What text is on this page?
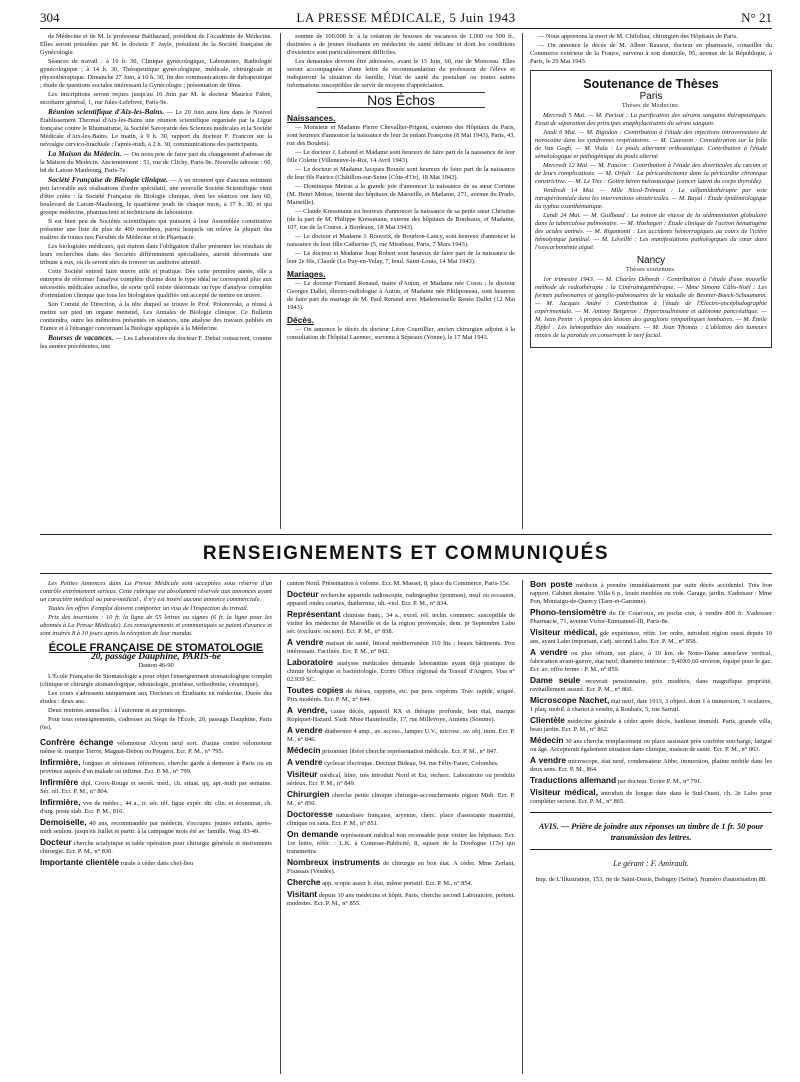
304	LA PRESSE MÉDICALE, 5 Juin 1943	N° 21

de Médecine et de M. le professeur Balthazard, président de l'Académie de Médecine. Elles seront présidées par M. le docteur F. Jayle, président de la Société française de Gynécologie.

Séances de travail : à 10 h. 30, Clinique gynécologique, Laboratoire, Radiologie gynécologique ; à 14 h. 30, Thérapeutique gynécologique, médicale, chirurgicale et physiothérapique. Dimanche 27 Juin, à 10 h. 30, fin des communications de thérapeutique ; étude de questions sociales intéressant la Gynécologie ; présentation de films.

Les inscriptions seront reçues jusqu'au 10 Juin par M. le docteur Maurice Fabre, secrétaire général, 1, rue Jules-Lefebvre, Paris-9e.

Réunion scientifique d'Aix-les-Bains. — Le 20 Juin aura lieu dans le Nouvel Établissement Thermal d'Aix-les-Bains une réunion scientifique organisée par la Ligue française contre le Rhumatisme, la Société Savoyarde des Sciences médicales et la Société Médicale d'Aix-les-Bains. Le matin, à 9 h. 30, rapport du docteur F. Francon sur la névralgie cervico-brachiale ; l'après-midi, à 2 h. 30, communications des participants.

La Maison du Médecin. — On nous prie de faire part du changement d'adresse de la Maison du Médecin. Anciennement : 51, rue de Clichy, Paris-9e. Nouvelle adresse : 60, bd de Latour-Maubourg, Paris-7e.

Société Française de Biologie clinique. — A un moment que d'aucuns estiment peu favorable aux réalisations d'ordre spéculatif, une nouvelle Société Scientifique vient d'être créée : la Société Française de Biologie clinique, dont les séances ont lieu 60, boulevard de Latour-Maubourg, le quatrième jeudi de chaque mois, à 17 h. 30, et qui groupe médecins, pharmaciens et techniciens de laboratoire.

Il est bien peu de Sociétés scientifiques qui puissent à leur Assemblée constitutive présenter une liste de plus de 400 membres, parmi lesquels on relève la plupart des maîtres de toutes nos Facultés de Médecine et de Pharmacie.

Les biologistes médicaux, qui étaient dans l'obligation d'aller présenter les résultats de leurs recherches dans des Sociétés différemment spécialisées, auront désormais une tribune à eux, où ils seront sûrs de trouver un auditoire attentif.

Cette Société entend faire œuvre utile et pratique. Dès cette première année, elle a entrepris de réformer l'analyse complète d'urine dont le type idéal ne correspond plus aux nécessités médicales actuelles, de sorte qu'il existe désormais un type d'analyse complète d'orientation clinique que tous les biologistes qualifiés ont accepté de mettre en œuvre.

Son Comité de Direction, à la tête duquel se trouve le Prof. Polonovski, a réussi à mettre sur pied un organe mensuel, Les Annales de Biologie clinique. Ce Bulletin contiendra, outre les mémoires présentés en séances, une analyse des travaux publiés en France et à l'étranger concernant la Biologie appliquée à la Médecine.

Bourses de vacances. — Les Laboratoires du docteur F. Debat consacrent, comme les années précédentes, une

somme de 100.000 fr. à la création de bourses de vacances de 1.000 ou 500 fr., destinées à de jeunes étudiants en médecine de santé délicate et dont les conditions d'existence sont particulièrement difficiles.

Les demandes devront être adressées, avant le 15 Juin, 60, rue de Monceau. Elles seront accompagnées d'une lettre de recommandation du professeur de l'élève et indiqueront la situation de famille, l'état de santé du postulant ou toutes autres informations susceptibles de servir de moyens d'appréciation.

Nos Échos
Naissances.

— Monsieur et Madame Pierre Chevallier-Prigent, externes des Hôpitaux de Paris, sont heureux d'annoncer la naissance de leur 2e enfant Françoise (8 Mai 1943), Paris, 43, rue des Boulets).

— Le docteur J. Lebond et Madame sont heureux de faire part de la naissance de leur fille Colette (Villeneuve-le-Roi, 14 Avril 1943).

— Le docteur et Madame Jacques Bourée sont heureux de faire part de la naissance de leur fils Patrice (Châtillon-sur-Seine [Côte-d'Or], 18 Mai 1943).

— Dominique Metras a la grande joie d'annoncer la naissance de sa sœur Corinne (M. Henri Metras, interne des hôpitaux de Marseille, et Madame, 271, avenue du Prado, Marseille).

— Claude Kressmann est heureux d'annoncer la naissance de sa petite sœur Christine (de la part de M. Philippe Kressmann, externe des hôpitaux de Bordeaux, et Madame, 107, rue de la Course, à Bordeaux, 18 Mai 1943).

— Le docteur et Madame J. Rouveix, de Bourbon-Lancy, sont heureux d'annoncer la naissance de leur fille Catherine (5, rue Mirabeau, Paris, 7 Mars 1943).

— Le docteur et Madame Jean Robert sont heureux de faire part de la naissance de leur 2e fils, Claude (Le Puy-en-Velay, 7, boul. Saint-Louis, 14 Mai 1943).

Mariages.

— Le docteur Fernand Renaud, maire d'Autun, et Madame née Cossu ; le docteur Georges Dallet, électro-radiologue à Autun, et Madame née Philiponeau, sont heureux de faire part du mariage de M. Paul Renaud avec Mademoiselle Renée Dallet (12 Mai 1943).

Décès.

— On annonce le décès du docteur Léon Courtillier, ancien chirurgien adjoint à la consultation de l'hôpital Laennec, survenu à Sépeaux (Yonne), le 17 Mai 1943.

— Nous apprenons la mort de M. Chifoliau, chirurgien des Hôpitaux de Paris.

— On annonce le décès de M. Albert Rauson, docteur en pharmacie, conseiller du Commerce extérieur de la France, survenu à son domicile, 95, avenue de la République, à Paris, le 29 Mai 1943.

Soutenance de Thèses
Paris
Thèses de Médecine.

Mercredi 5 Mai. — M. Parisot : La purification des sérums sanguins thérapeutiques. Essai de séparation des principes anaphylactisants du sérum sanguin.

Jeudi 6 Mai. — M. Rigodon : Contribution à l'étude des injections intraveineuses de novocaïne dans les syndromes respiratoires. — M. Catesson : Considération sur la folie de Van Gogh. — M. Viala : Le pouls alternant orthostatique. Contribution à l'étude séméiologique et pathogénique du pouls alterné.

Mercredi 12 Mai. — M. Faucon : Contribution à l'étude des diverticules du cæcum et de leurs complications. — M. Orfali : La péricardectomie dans la péricardite chronique constrictive. — M. Le Tiec : Goitre bénin métastasique (cancer latent du corps thyroïde).

Vendredi 14 Mai. — Mlle Nicol-Trémant : Le sulfamidothérapie par voie intrapéritonéale dans les interventions obstétricales. — M. Bayal : Étude épidémiologique du typhus exanthématique.

Lundi 24 Mai. — M. Guilbaud : La notion de vitesse de la sédimentation globulaire dans la tuberculose pulmonaire. — M. Hashagen : Étude clinique de l'action hématogène des acides aminés. — M. Rigamonti : Les accidents hémorragiques au cours de l'ictère hémolytique familial. — M. Léveillé : Les manifestations pathologiques du cœur dans l'oxycarbonémie aiguë.

Nancy
Thèses soutenues.

1er trimestre 1943. — M. Charles Déberdt : Contribution à l'étude d'une nouvelle méthode de radiothérapie : la Cinéraintgenthérapie. — Mme Simone Câlis-Noël : Les formes pulmonaires et ganglio-pulmonaires de la maladie de Besnier-Boeck-Schaumann. — M. Jacques André : Contribution à l'étude de l'Électro-encéphalographie expérimentale. — M. Antony Bergeron : Hyperinsulinisme et adénome pancréatique. — M. Jean Penin : A propos des lésions des ganglions sympathiques lombaires. — M. Émile Zipfel : Les hémopathies des soudeurs. — M. Jean Thomas : L'ablation des tumeurs mixtes de la parotide en conservant le nerf facial.

RENSEIGNEMENTS ET COMMUNIQUÉS

Les Petites Annonces dans La Presse Médicale sont acceptées sous réserve d'un contrôle extrêmement sérieux. Cette rubrique est absolument réservée aux annonces ayant un caractère médical ou para-médical ; il n'y est inséré aucune annonce commerciale.

Toutes les offres d'emploi doivent comporter un visa de l'Inspection du travail.

Prix des insertions : 10 fr. la ligne de 55 lettres ou signes (6 fr. la ligne pour les abonnés à La Presse Médicale). Les renseignements et communiqués se paient d'avance et sont insérés 8 à 10 jours après la réception de leur mandat.

ÉCOLE FRANÇAISE DE STOMATOLOGIE
20, passage Dauphine, PARIS-6e
Danton 46-90

L'École Française de Stomatologie a pour objet l'enseignement stomatologique complet (clinique et chirurgie stomatologique, odontologie, prothèse, orthodontie, céramique).

Les cours s'adressent uniquement aux Docteurs et Étudiants en médecine. Durée des études : deux ans.

Deux rentrées annuelles : à l'automne et au printemps.

Pour tous renseignements, s'adresser au Siège de l'École, 20, passage Dauphine, Paris (6e).

Confrère échange vélomoteur Alcyon neuf sort. d'usine contre vélomoteur même ét. marque Terrot, Magnat-Debon ou Peugeot. Ecr. P. M., n° 795.

Infirmière, longues et sérieuses références, cherche garde à demeure à Paris ou en province auprès d'un malade ou infirme. Ecr. P. M., n° 799.

Infirmière dipl. Croix-Rouge et secrét. méd., ch. situat. qq. apr.-midi par semaine. Sér. réf. Ecr. P. M., n° 804.

Infirmière, vve de médec., 44 a., tr. sér. réf. ligue expér. dir. clin. et économat, ch. d'urg. poste stab. Ecr. P. M., 816.

Demoiselle, 40 ans, recommandée par médecin, s'occuper. jeunes enfants, après-midi seulem. jusqu'en Juillet et partir. à la campagne mois été av. famille. Wag. 83-49.

Docteur cherche scialytique et table opération pour chirurgie générale et instruments chirurgie. Ecr. P. M., n° 830.

Importante clientèle rurale à céder dans chef-lieu

canton Nord. Présentation à volonté. Ecr. M. Masset, 8, place du Commerce, Paris-15e.

Docteur recherche appareils radioscopie, radiographie (poumon), neuf ou occasion, appareil ondes courtes, diathermie, ult.-viol. Ecr. P. M., n° 834.

Représentant chimiste franç., 34 a., excel. réf. techn. commerc. susceptible de visiter les médecins de Marseille et de la région provençale, dem. pr Septembre Labo sér. (exclusiv. ou non). Ecr. P. M., n° 838.

A vendre maison de santé, littoral méditerranéen 110 lits ; beaux bâtiments. Prix intéressant. Facilités. Ecr. P. M., n° 842.

Laboratoire analyses médicales demande laborantine ayant déjà pratique de chimie biologique et bactériologie. Ecrire Office régional du Travail d'Angers. Visa n° 02.939 SC.

Toutes copies de thèses, rapports, etc. par pers. expérim. Trav. rapide, soigné. Prix modérés. Ecr. P. M., n° 844.

A vendre, cause décès, appareil RX et thérapie profonde, bon état, marque Ropiquet-Hazard. S'adr. Mme Hautefeuille, 17, rue Millevoye, Amiens (Somme).

A vendre diathermie 4 amp., av. access., lampes U.V., microsc. av. obj. imm. Ecr. P. M., n° 846.

Médecin prisonnier libéré cherche représentation médicale. Ecr. P. M., n° 847.

A vendre cyclecar électrique. Docteur Bideau, 94, rue Félix-Faure, Colombes.

Visiteur médical, libre, très introduit Nord et Est, recherc. Laboratoire ou produits sérieux. Ecr. P. M., n° 849.

Chirurgien cherche petite clinique chirurgie-accouchements région Midi. Ecr. P. M., n° 850.

Doctoresse naturalisée française, aryenne, cherc. place d'assistante maternité, clinique ou sana. Ecr. P. M., n° 851.

On demande représentant médical non recensable pour visiter les hôpitaux. Ecr. 1re lettre, référ. : L.K. à Contesse-Publicité, 8, square de la Dordogne (17e) qui transmettra.

Nombreux instruments de chirurgie en bon état. A céder. Mme Zerlant, Foussais (Vendée).

Cherche app. scopie assez b. état, même portatif. Ecr. P. M., n° 854.

Visitant depuis 10 ans médecins et hôpit. Paris, cherche second Laboratoire, prétent. modestes. Ecr. P. M., n° 855.

Bon poste médecin à prendre immédiatement par suite décès accidentel. Très bon rapport. Cabinet dentaire. Villa 6 p., louée meublée ou vide. Garage, jardin. S'adresser : Mme Pon, Montaigu-de-Quercy (Tarn-et-Garonne).

Phono-tensiomètre du Dr Courcoux, en poche cuir, à vendre 800 fr. S'adresser Pharmacie, 71, avenue Victor-Emmanuel-III, Paris-8e.

Visiteur médical, gde expérience, référ. 1er ordre, introduit région ouest depuis 10 ans, ayant Labo important, s'adj. second Labo. Ecr. P. M., n° 858.

A vendre ou plus offrant, sur place, à 10 km. de Notre-Dame autoclave vertical, fabrication avant-guerre, état neuf, diamètre intérieur : 0,40X0,60 environ, équipé pour le gaz. Ecr. av. offre ferme : P. M., n° 859.

Dame seule recevrait pensionnaire, prix modérés, dans magnifique propriété, ravitaillement assuré. Ecr. P. M., n° 860.

Microscope Nachet, état neuf, date 1913, 3 object. dont 1 à immersion, 3 oculaires, 1 plaq. mobil. à chariot à vendre, à Roubaix, 5, rue Sarrail.

Clientèle médecine générale à céder après décès, banlieue immédi. Paris, grande villa, beau jardin. Ecr. P. M., n° 862.

Médecin 30 ans cherche remplacement ou place assistant près confrère surchargé, fatigué ou âgé. Accepterait également situation dans clinique, maison de santé. Ecr. P. M., n° 863.

A vendre microscope, état neuf, condensateur Abbe, immersion, platine mobile dans les deux sens. Ecr. P. M., 864.

Traductions allemand par docteur. Ecrire P. M., n° 791.

Visiteur médical, introduit de longue date dans le Sud-Ouest, ch. 2e Labo pour compléter secteur. Ecr. P. M., n° 865.

AVIS. — Prière de joindre aux réponses un timbre de 1 fr. 50 pour transmission des lettres.
Le gérant : F. Amirault.
Imp. de L'Illustration, 153, rte de Saint-Denis, Bobigny (Seine). Numéro d'autorisation 88.
